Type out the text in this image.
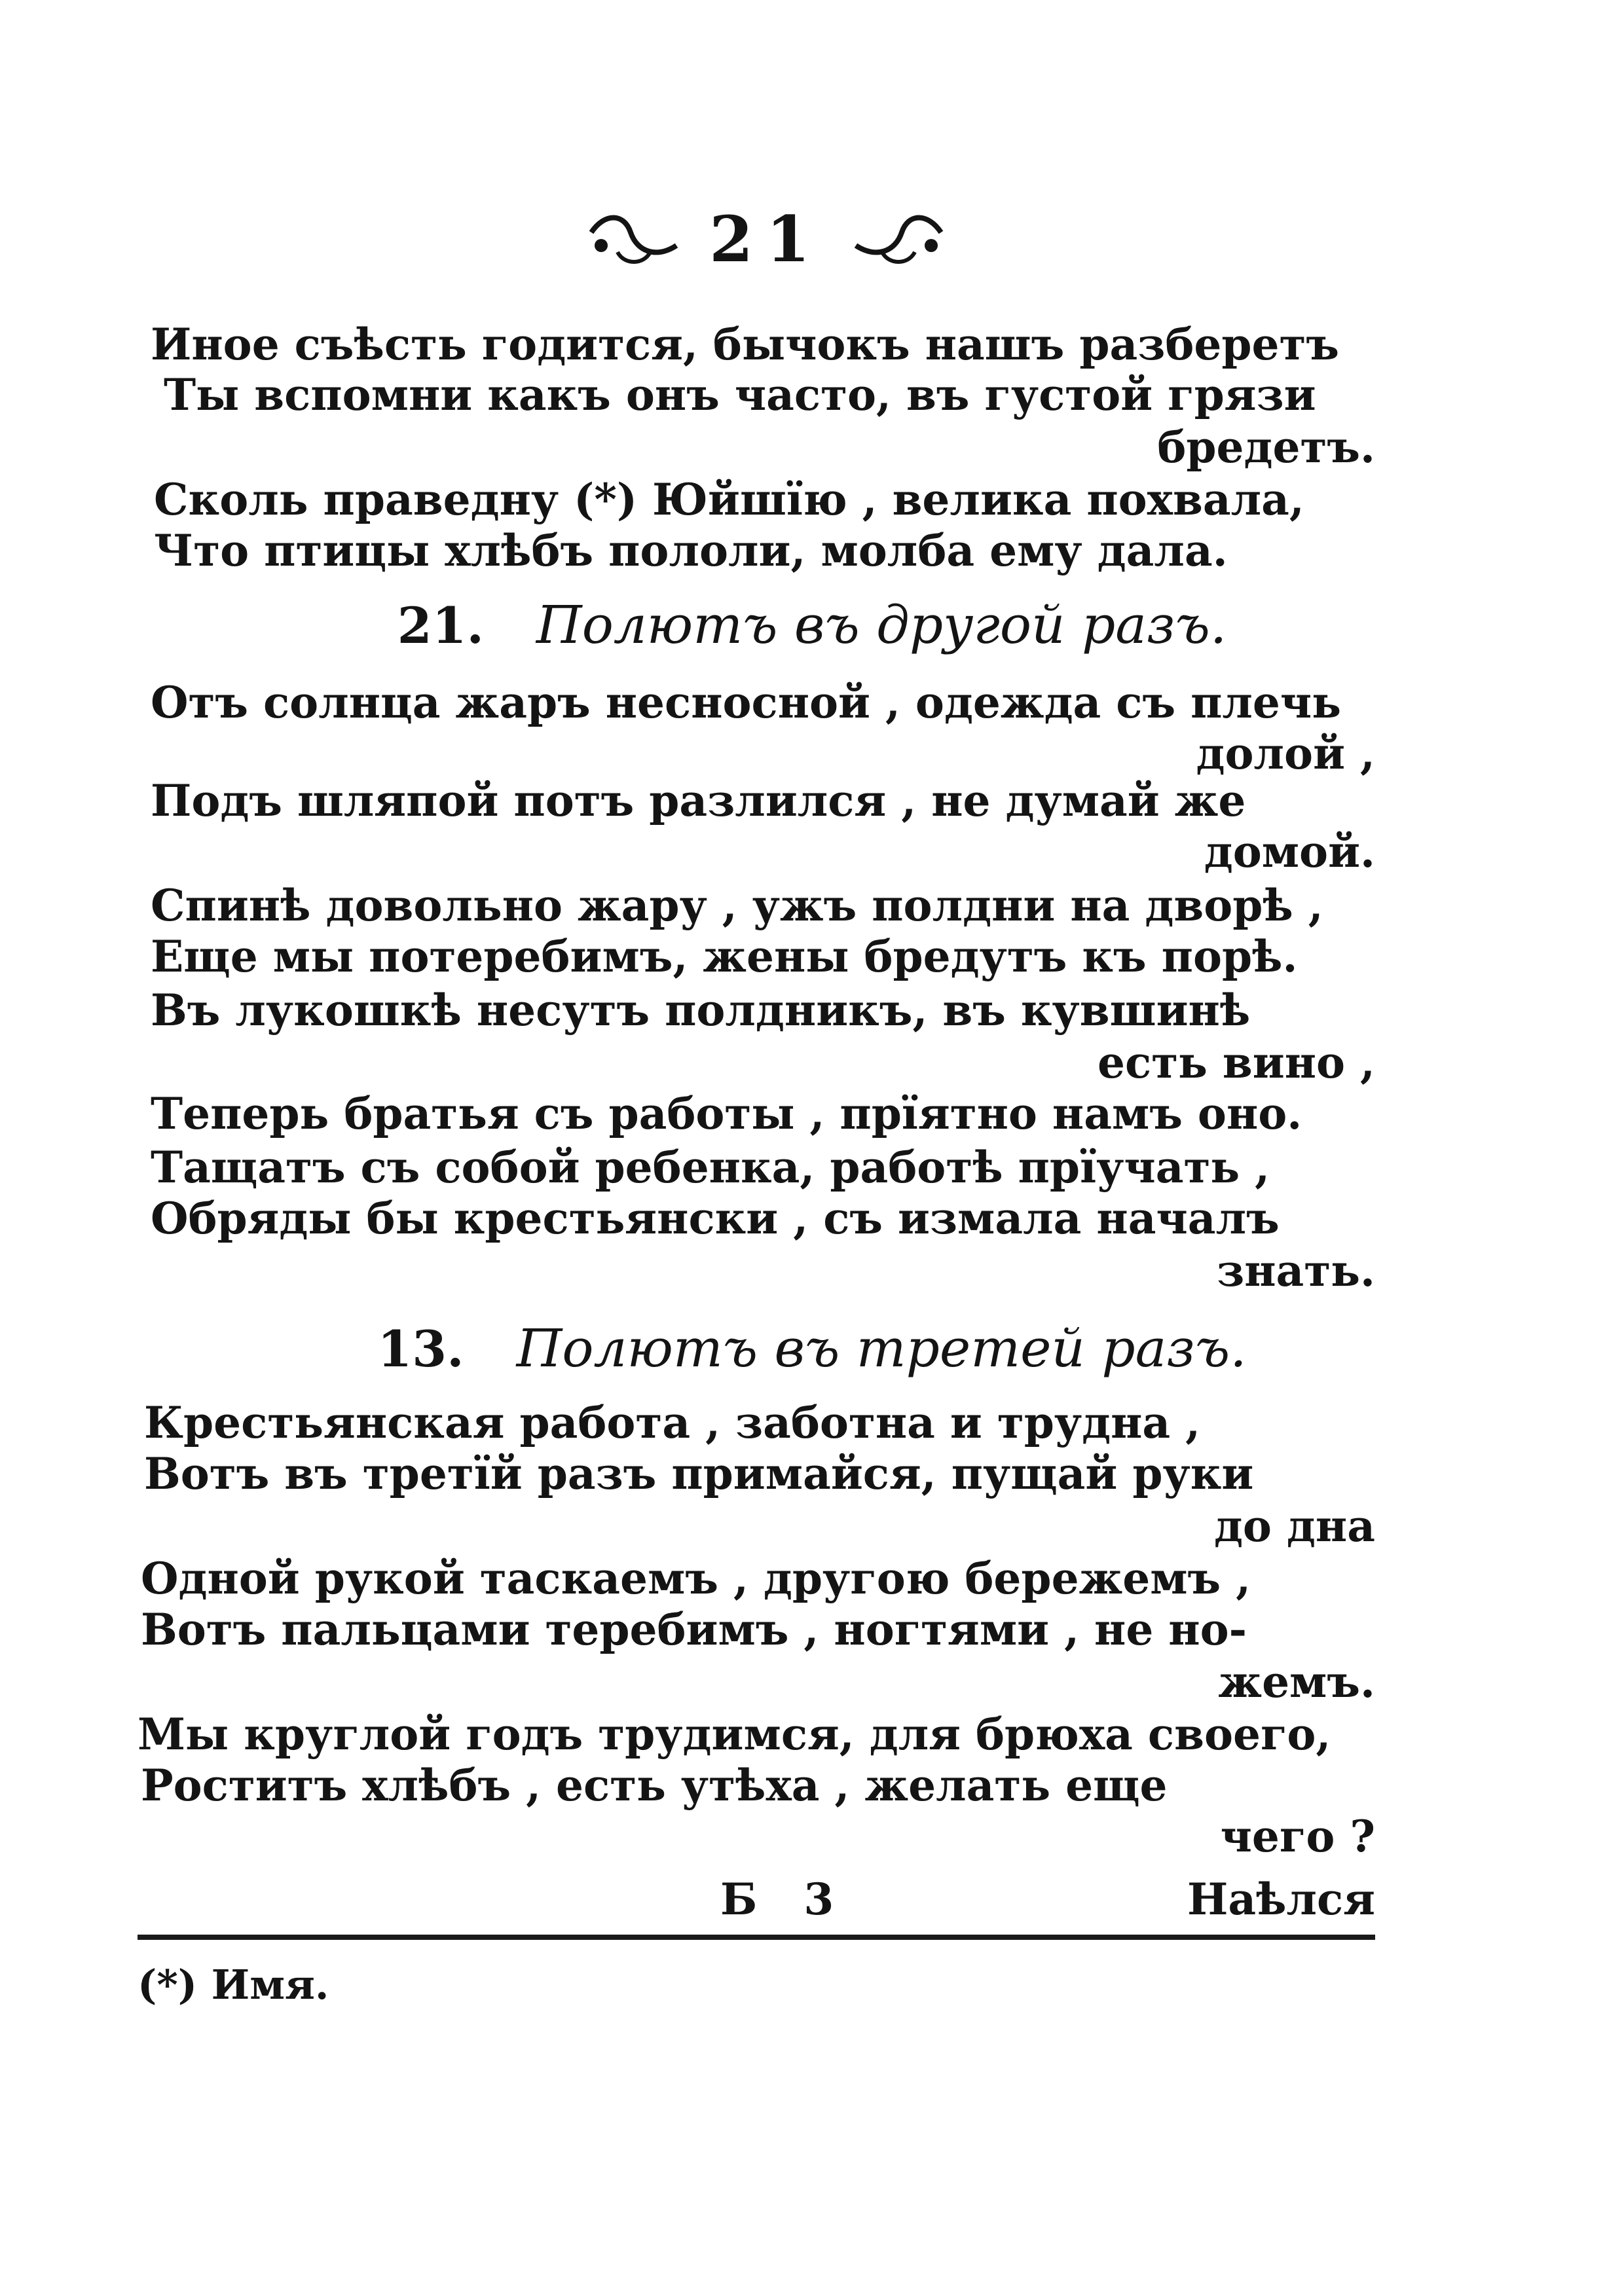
21
Иное съѣсть годится, бычокъ нашъ разберетъ
Ты вспомни какъ онъ часто, въ густой грязи
бредетъ.
Сколь праведну (*) Юйшїю , велика похвала,
Что птицы хлѣбъ пололи, молба ему дала.
21. Полютъ въ другой разъ.
Отъ солнца жаръ несносной , одежда съ плечь
долой ,
Подъ шляпой потъ разлился , не думай же
домой.
Спинѣ довольно жару , ужъ полдни на дворѣ ,
Еще мы потеребимъ, жены бредутъ къ порѣ.
Въ лукошкѣ несутъ полдникъ, въ кувшинѣ
есть вино ,
Теперь братья съ работы , прїятно намъ оно.
Тащатъ съ собой ребенка, работѣ прїучать ,
Обряды бы крестьянски , съ измала началъ
знать.
13. Полютъ въ третей разъ.
Крестьянская работа , заботна и трудна ,
Вотъ въ третїй разъ примайся, пущай руки
до дна
Одной рукой таскаемъ , другою бережемъ ,
Вотъ пальцами теребимъ , ногтями , не но-
жемъ.
Мы круглой годъ трудимся, для брюха своего,
Роститъ хлѣбъ , есть утѣха , желать еще
чего ?
Б 3	Наѣлся
(*) Имя.
